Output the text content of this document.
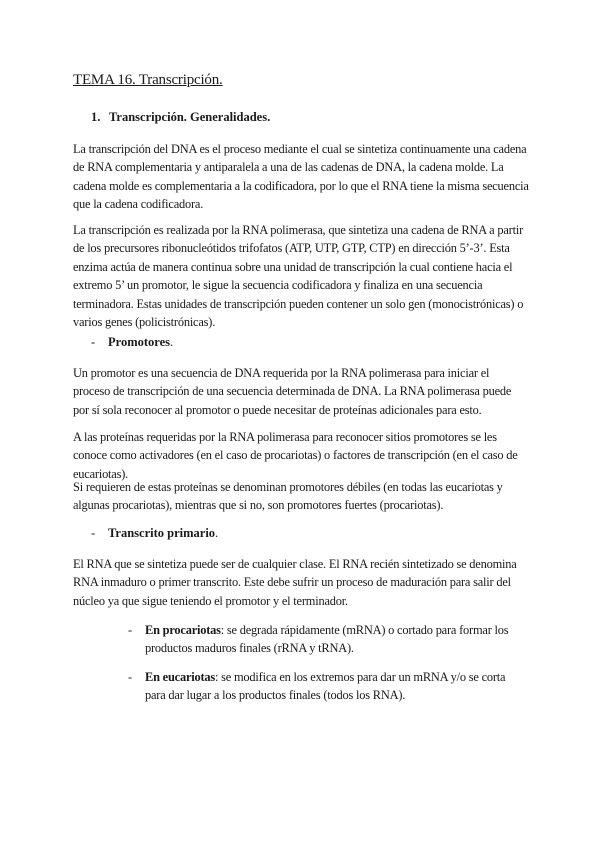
TEMA 16. Transcripción.
1. Transcripción. Generalidades.

La transcripción del DNA es el proceso mediante el cual se sintetiza continuamente una cadena de RNA complementaria y antiparalela a una de las cadenas de DNA, la cadena molde. La cadena molde es complementaria a la codificadora, por lo que el RNA tiene la misma secuencia que la cadena codificadora.

La transcripción es realizada por la RNA polimerasa, que sintetiza una cadena de RNA a partir de los precursores ribonucleótidos trifofatos (ATP, UTP, GTP, CTP) en dirección 5’-3’. Esta enzima actúa de manera continua sobre una unidad de transcripción la cual contiene hacia el extremo 5’ un promotor, le sigue la secuencia codificadora y finaliza en una secuencia terminadora. Estas unidades de transcripción pueden contener un solo gen (monocistrónicas) o varios genes (policistrónicas).

- Promotores.

Un promotor es una secuencia de DNA requerida por la RNA polimerasa para iniciar el proceso de transcripción de una secuencia determinada de DNA. La RNA polimerasa puede por sí sola reconocer al promotor o puede necesitar de proteínas adicionales para esto.

A las proteínas requeridas por la RNA polimerasa para reconocer sitios promotores se les conoce como activadores (en el caso de procariotas) o factores de transcripción (en el caso de eucariotas).

Si requieren de estas proteínas se denominan promotores débiles (en todas las eucariotas y algunas procariotas), mientras que si no, son promotores fuertes (procariotas).

- Transcrito primario.

El RNA que se sintetiza puede ser de cualquier clase. El RNA recién sintetizado se denomina RNA inmaduro o primer transcrito. Este debe sufrir un proceso de maduración para salir del núcleo ya que sigue teniendo el promotor y el terminador.

- En procariotas: se degrada rápidamente (mRNA) o cortado para formar los productos maduros finales (rRNA y tRNA).
- En eucariotas: se modifica en los extremos para dar un mRNA y/o se corta para dar lugar a los productos finales (todos los RNA).
